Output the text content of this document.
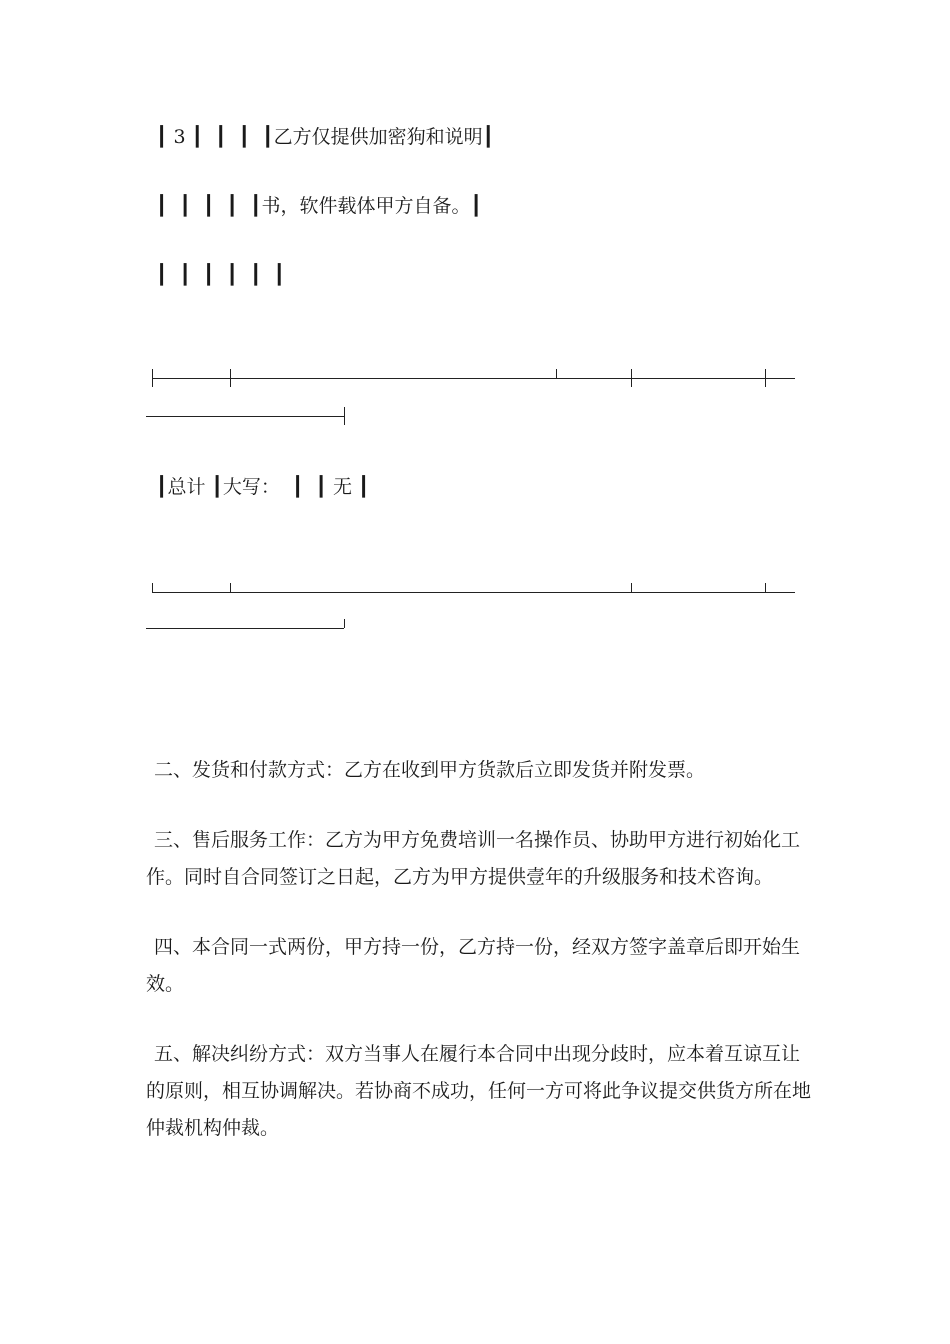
┃ 3 ┃  ┃  ┃  ┃乙方仅提供加密狗和说明┃
┃  ┃  ┃  ┃  ┃书，软件载体甲方自备。┃
┃  ┃  ┃  ┃  ┃  ┃
┃总计 ┃大写：  ┃  ┃ 无 ┃

二、发货和付款方式：乙方在收到甲方货款后立即发货并附发票。

三、售后服务工作：乙方为甲方免费培训一名操作员、协助甲方进行初始化工作。同时自合同签订之日起，乙方为甲方提供壹年的升级服务和技术咨询。

四、本合同一式两份，甲方持一份，乙方持一份，经双方签字盖章后即开始生效。

五、解决纠纷方式：双方当事人在履行本合同中出现分歧时，应本着互谅互让的原则，相互协调解决。若协商不成功，任何一方可将此争议提交供货方所在地仲裁机构仲裁。
